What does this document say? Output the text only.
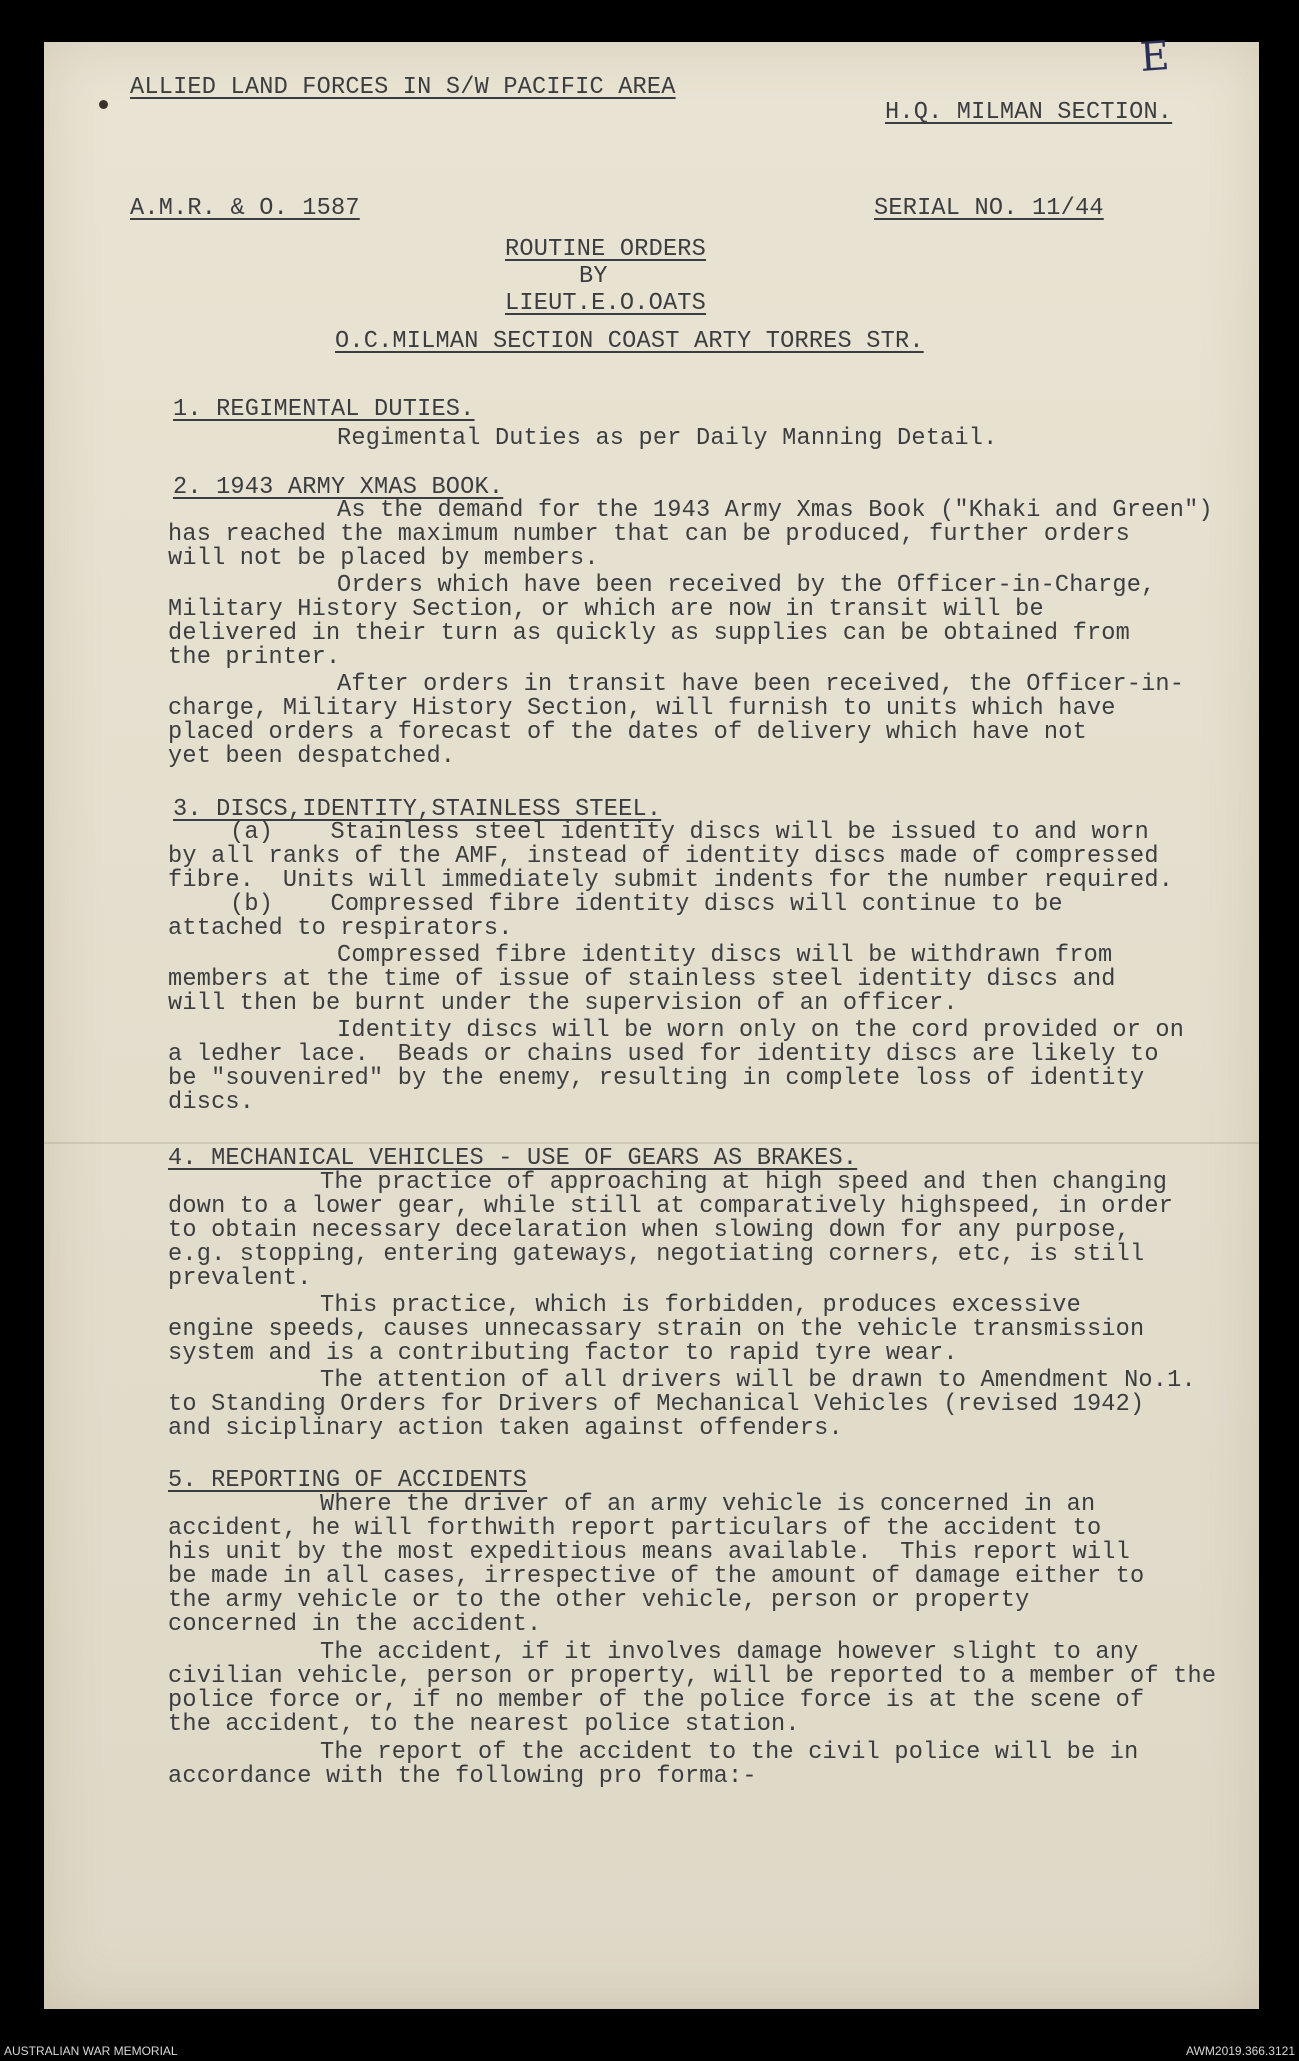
E
ALLIED LAND FORCES IN S/W PACIFIC AREA
H.Q. MILMAN SECTION.
A.M.R. & O. 1587	SERIAL NO. 11/44
ROUTINE ORDERS
BY
LIEUT.E.O.OATS
O.C.MILMAN SECTION COAST ARTY TORRES STR.
1. REGIMENTAL DUTIES.
Regimental Duties as per Daily Manning Detail.
2. 1943 ARMY XMAS BOOK.
As the demand for the 1943 Army Xmas Book ("Khaki and Green")
has reached the maximum number that can be produced, further orders
will not be placed by members.
Orders which have been received by the Officer-in-Charge,
Military History Section, or which are now in transit will be
delivered in their turn as quickly as supplies can be obtained from
the printer.
After orders in transit have been received, the Officer-in-
charge, Military History Section, will furnish to units which have
placed orders a forecast of the dates of delivery which have not
yet been despatched.
3. DISCS,IDENTITY,STAINLESS STEEL.
(a)    Stainless steel identity discs will be issued to and worn
by all ranks of the AMF, instead of identity discs made of compressed
fibre.  Units will immediately submit indents for the number required.
(b)    Compressed fibre identity discs will continue to be
attached to respirators.
Compressed fibre identity discs will be withdrawn from
members at the time of issue of stainless steel identity discs and
will then be burnt under the supervision of an officer.
Identity discs will be worn only on the cord provided or on
a ledher lace.  Beads or chains used for identity discs are likely to
be "souvenired" by the enemy, resulting in complete loss of identity
discs.
4. MECHANICAL VEHICLES - USE OF GEARS AS BRAKES.
The practice of approaching at high speed and then changing
down to a lower gear, while still at comparatively highspeed, in order
to obtain necessary decelaration when slowing down for any purpose,
e.g. stopping, entering gateways, negotiating corners, etc, is still
prevalent.
This practice, which is forbidden, produces excessive
engine speeds, causes unnecassary strain on the vehicle transmission
system and is a contributing factor to rapid tyre wear.
The attention of all drivers will be drawn to Amendment No.1.
to Standing Orders for Drivers of Mechanical Vehicles (revised 1942)
and siciplinary action taken against offenders.
5. REPORTING OF ACCIDENTS
Where the driver of an army vehicle is concerned in an
accident, he will forthwith report particulars of the accident to
his unit by the most expeditious means available.  This report will
be made in all cases, irrespective of the amount of damage either to
the army vehicle or to the other vehicle, person or property
concerned in the accident.
The accident, if it involves damage however slight to any
civilian vehicle, person or property, will be reported to a member of the
police force or, if no member of the police force is at the scene of
the accident, to the nearest police station.
The report of the accident to the civil police will be in
accordance with the following pro forma:-
AUSTRALIAN WAR MEMORIAL	AWM2019.366.3121
